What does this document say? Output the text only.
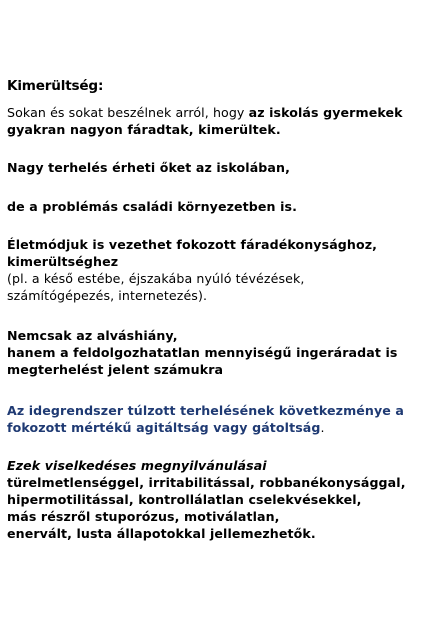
Kimerültség:
Sokan és sokat beszélnek arról, hogy az iskolás gyermekek
gyakran nagyon fáradtak, kimerültek.
Nagy terhelés érheti őket az iskolában,
de a problémás családi környezetben is.
Életmódjuk is vezethet fokozott fáradékonysághoz,
kimerültséghez
(pl. a késő estébe, éjszakába nyúló tévézések,
számítógépezés, internetezés).
Nemcsak az alváshiány,
hanem a feldolgozhatatlan mennyiségű ingeráradat is
megterhelést jelent számukra
Az idegrendszer túlzott terhelésének következménye a
fokozott mértékű agitáltság vagy gátoltság.
Ezek viselkedéses megnyilvánulásai
türelmetlenséggel, irritabilitással, robbanékonysággal,
hipermotilitással, kontrollálatlan cselekvésekkel,
más részről stuporózus, motiválatlan,
enervált, lusta állapotokkal jellemezhetők.
